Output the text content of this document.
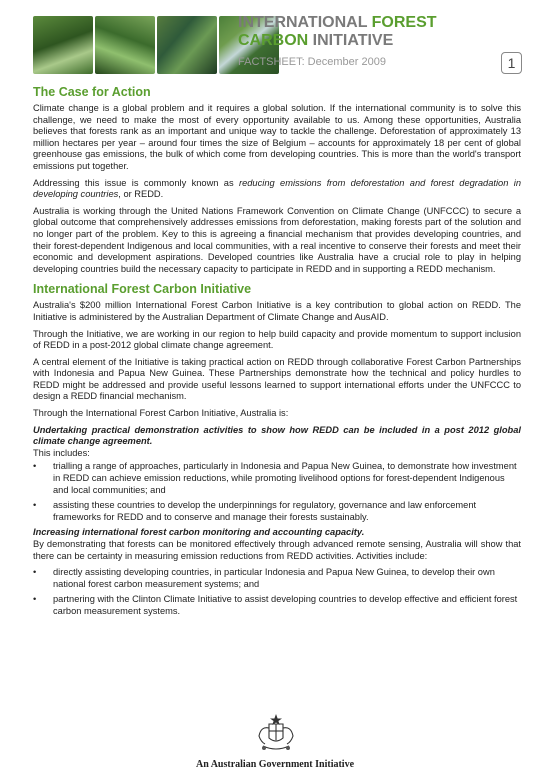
INTERNATIONAL FOREST
CARBON INITIATIVE
FACTSHEET: December 2009	1
The Case for Action

Climate change is a global problem and it requires a global solution. If the international community is to solve this challenge, we need to make the most of every opportunity available to us. Among these opportunities, Australia believes that forests rank as an important and unique way to tackle the challenge. Deforestation of approximately 13 million hectares per year – around four times the size of Belgium – accounts for approximately 18 per cent of global greenhouse gas emissions, the bulk of which come from developing countries. This is more than the world's transport emissions put together.

Addressing this issue is commonly known as reducing emissions from deforestation and forest degradation in developing countries, or REDD.

Australia is working through the United Nations Framework Convention on Climate Change (UNFCCC) to secure a global outcome that comprehensively addresses emissions from deforestation, making forests part of the solution and no longer part of the problem. Key to this is agreeing a financial mechanism that provides developing countries, and their forest-dependent Indigenous and local communities, with a real incentive to conserve their forests and meet their economic and development aspirations. Developed countries like Australia have a crucial role to play in helping developing countries build the necessary capacity to participate in REDD and in supporting a REDD mechanism.

International Forest Carbon Initiative

Australia's $200 million International Forest Carbon Initiative is a key contribution to global action on REDD. The Initiative is administered by the Australian Department of Climate Change and AusAID.

Through the Initiative, we are working in our region to help build capacity and provide momentum to support inclusion of REDD in a post-2012 global climate change agreement.

A central element of the Initiative is taking practical action on REDD through collaborative Forest Carbon Partnerships with Indonesia and Papua New Guinea. These Partnerships demonstrate how the technical and policy hurdles to REDD might be addressed and provide useful lessons learned to support international efforts under the UNFCCC to design a REDD financial mechanism.

Through the International Forest Carbon Initiative, Australia is:

Undertaking practical demonstration activities to show how REDD can be included in a post 2012 global climate change agreement.

This includes:

• trialling a range of approaches, particularly in Indonesia and Papua New Guinea, to demonstrate how investment in REDD can achieve emission reductions, while promoting livelihood options for forest-dependent Indigenous and local communities; and
• assisting these countries to develop the underpinnings for regulatory, governance and law enforcement frameworks for REDD and to conserve and manage their forests sustainably.

Increasing international forest carbon monitoring and accounting capacity.

By demonstrating that forests can be monitored effectively through advanced remote sensing, Australia will show that there can be certainty in measuring emission reductions from REDD activities. Activities include:

• directly assisting developing countries, in particular Indonesia and Papua New Guinea, to develop their own national forest carbon measurement systems; and
• partnering with the Clinton Climate Initiative to assist developing countries to develop effective and efficient forest carbon measurement systems.
An Australian Government Initiative
